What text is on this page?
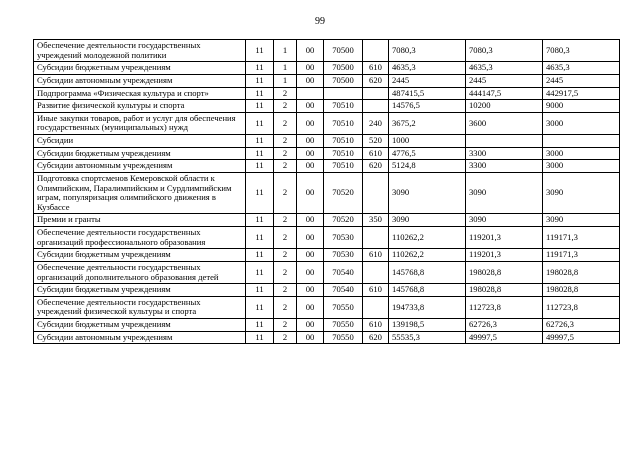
99
Обеспечение деятельности государственных учреждений молодежной политики	11	1	00	70500		7080,3	7080,3	7080,3
Субсидии бюджетным учреждениям	11	1	00	70500	610	4635,3	4635,3	4635,3
Субсидии автономным учреждениям	11	1	00	70500	620	2445	2445	2445
Подпрограмма «Физическая культура и спорт»	11	2				487415,5	444147,5	442917,5
Развитие физической культуры и спорта	11	2	00	70510		14576,5	10200	9000
Иные закупки товаров, работ и услуг для обеспечения государственных (муниципальных) нужд	11	2	00	70510	240	3675,2	3600	3000
Субсидии	11	2	00	70510	520	1000		
Субсидии бюджетным учреждениям	11	2	00	70510	610	4776,5	3300	3000
Субсидии автономным учреждениям	11	2	00	70510	620	5124,8	3300	3000
Подготовка спортсменов Кемеровской области к Олимпийским, Паралимпийским и Сурдлимпийским играм, популяризация олимпийского движения в Кузбассе	11	2	00	70520		3090	3090	3090
Премии и гранты	11	2	00	70520	350	3090	3090	3090
Обеспечение деятельности государственных организаций профессионального образования	11	2	00	70530		110262,2	119201,3	119171,3
Субсидии бюджетным учреждениям	11	2	00	70530	610	110262,2	119201,3	119171,3
Обеспечение деятельности государственных организаций дополнительного образования детей	11	2	00	70540		145768,8	198028,8	198028,8
Субсидии бюджетным учреждениям	11	2	00	70540	610	145768,8	198028,8	198028,8
Обеспечение деятельности государственных учреждений физической культуры и спорта	11	2	00	70550		194733,8	112723,8	112723,8
Субсидии бюджетным учреждениям	11	2	00	70550	610	139198,5	62726,3	62726,3
Субсидии автономным учреждениям	11	2	00	70550	620	55535,3	49997,5	49997,5
